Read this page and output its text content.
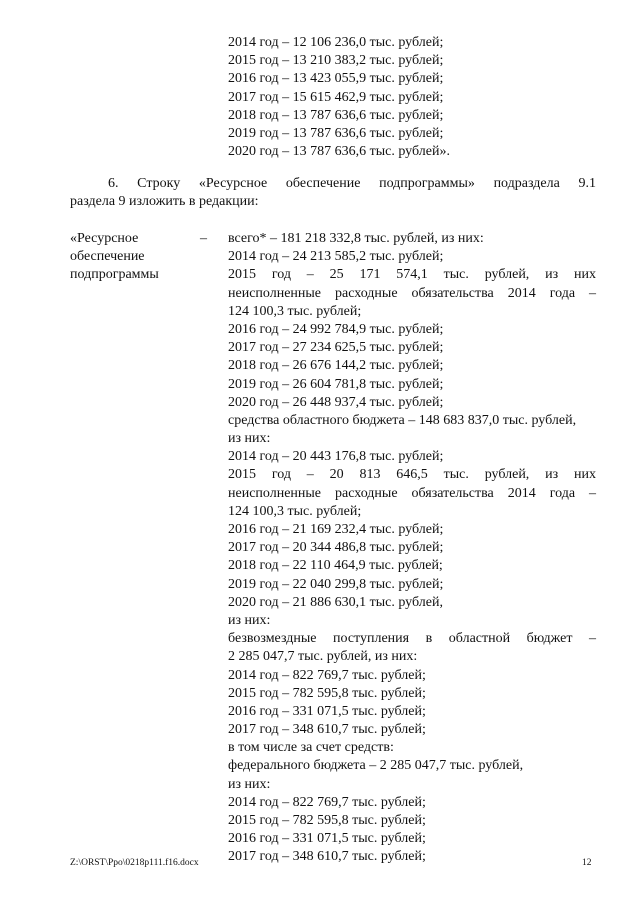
2014 год – 12 106 236,0 тыс. рублей;
2015 год – 13 210 383,2 тыс. рублей;
2016 год – 13 423 055,9 тыс. рублей;
2017 год – 15 615 462,9 тыс. рублей;
2018 год – 13 787 636,6 тыс. рублей;
2019 год – 13 787 636,6 тыс. рублей;
2020 год – 13 787 636,6 тыс. рублей».
6. Строку «Ресурсное обеспечение подпрограммы» подраздела 9.1
раздела 9 изложить в редакции:
«Ресурсное
обеспечение
подпрограммы
–	всего* – 181 218 332,8 тыс. рублей, из них:
2014 год – 24 213 585,2 тыс. рублей;
2015 год – 25 171 574,1 тыс. рублей, из них
неисполненные расходные обязательства 2014 года –
124 100,3 тыс. рублей;
2016 год – 24 992 784,9 тыс. рублей;
2017 год – 27 234 625,5 тыс. рублей;
2018 год – 26 676 144,2 тыс. рублей;
2019 год – 26 604 781,8 тыс. рублей;
2020 год – 26 448 937,4 тыс. рублей;
средства областного бюджета – 148 683 837,0 тыс. рублей,
из них:
2014 год – 20 443 176,8 тыс. рублей;
2015 год – 20 813 646,5 тыс. рублей, из них
неисполненные расходные обязательства 2014 года –
124 100,3 тыс. рублей;
2016 год – 21 169 232,4 тыс. рублей;
2017 год – 20 344 486,8 тыс. рублей;
2018 год – 22 110 464,9 тыс. рублей;
2019 год – 22 040 299,8 тыс. рублей;
2020 год – 21 886 630,1 тыс. рублей,
из них:
безвозмездные поступления в областной бюджет –
2 285 047,7 тыс. рублей, из них:
2014 год – 822 769,7 тыс. рублей;
2015 год – 782 595,8 тыс. рублей;
2016 год – 331 071,5 тыс. рублей;
2017 год – 348 610,7 тыс. рублей;
в том числе за счет средств:
федерального бюджета – 2 285 047,7 тыс. рублей,
из них:
2014 год – 822 769,7 тыс. рублей;
2015 год – 782 595,8 тыс. рублей;
2016 год – 331 071,5 тыс. рублей;
2017 год – 348 610,7 тыс. рублей;
Z:\ORST\Ppo\0218p111.f16.docx	12
